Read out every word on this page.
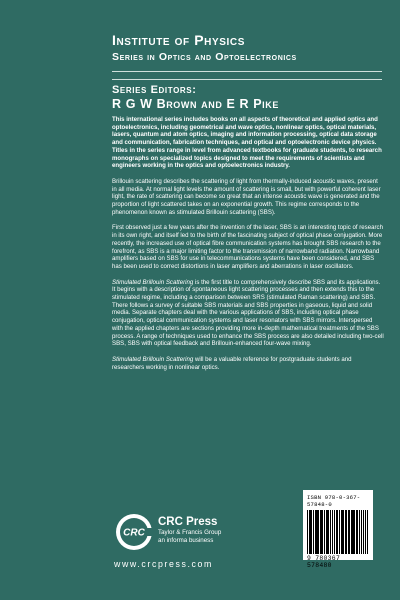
Institute of Physics
Series in Optics and Optoelectronics
Series Editors:
R G W Brown and E R Pike

This international series includes books on all aspects of theoretical and applied optics and optoelectronics, including geometrical and wave optics, nonlinear optics, optical materials, lasers, quantum and atom optics, imaging and information processing, optical data storage and communication, fabrication techniques, and optical and optoelectronic device physics. Titles in the series range in level from advanced textbooks for graduate students, to research monographs on specialized topics designed to meet the requirements of scientists and engineers working in the optics and optoelectronics industry.

Brillouin scattering describes the scattering of light from thermally-induced acoustic waves, present in all media. At normal light levels the amount of scattering is small, but with powerful coherent laser light, the rate of scattering can become so great that an intense acoustic wave is generated and the proportion of light scattered takes on an exponential growth. This regime corresponds to the phenomenon known as stimulated Brillouin scattering (SBS).

First observed just a few years after the invention of the laser, SBS is an interesting topic of research in its own right, and itself led to the birth of the fascinating subject of optical phase conjugation. More recently, the increased use of optical fibre communication systems has brought SBS research to the forefront, as SBS is a major limiting factor to the transmission of narrowband radiation. Narrowband amplifiers based on SBS for use in telecommunications systems have been considered, and SBS has been used to correct distortions in laser amplifiers and aberrations in laser oscillators.

Stimulated Brillouin Scattering is the first title to comprehensively describe SBS and its applications. It begins with a description of spontaneous light scattering processes and then extends this to the stimulated regime, including a comparison between SRS (stimulated Raman scattering) and SBS. There follows a survey of suitable SBS materials and SBS properties in gaseous, liquid and solid media. Separate chapters deal with the various applications of SBS, including optical phase conjugation, optical communication systems and laser resonators with SBS mirrors. Interspersed with the applied chapters are sections providing more in-depth mathematical treatments of the SBS process. A range of techniques used to enhance the SBS process are also detailed including two-cell SBS, SBS with optical feedback and Brillouin-enhanced four-wave mixing.

Stimulated Brillouin Scattering will be a valuable reference for postgraduate students and researchers working in nonlinear optics.

CRC
CRC Press
Taylor & Francis Group
an informa business
www.crcpress.com
ISBN 978-0-367-57848-0
9 780367 578480
